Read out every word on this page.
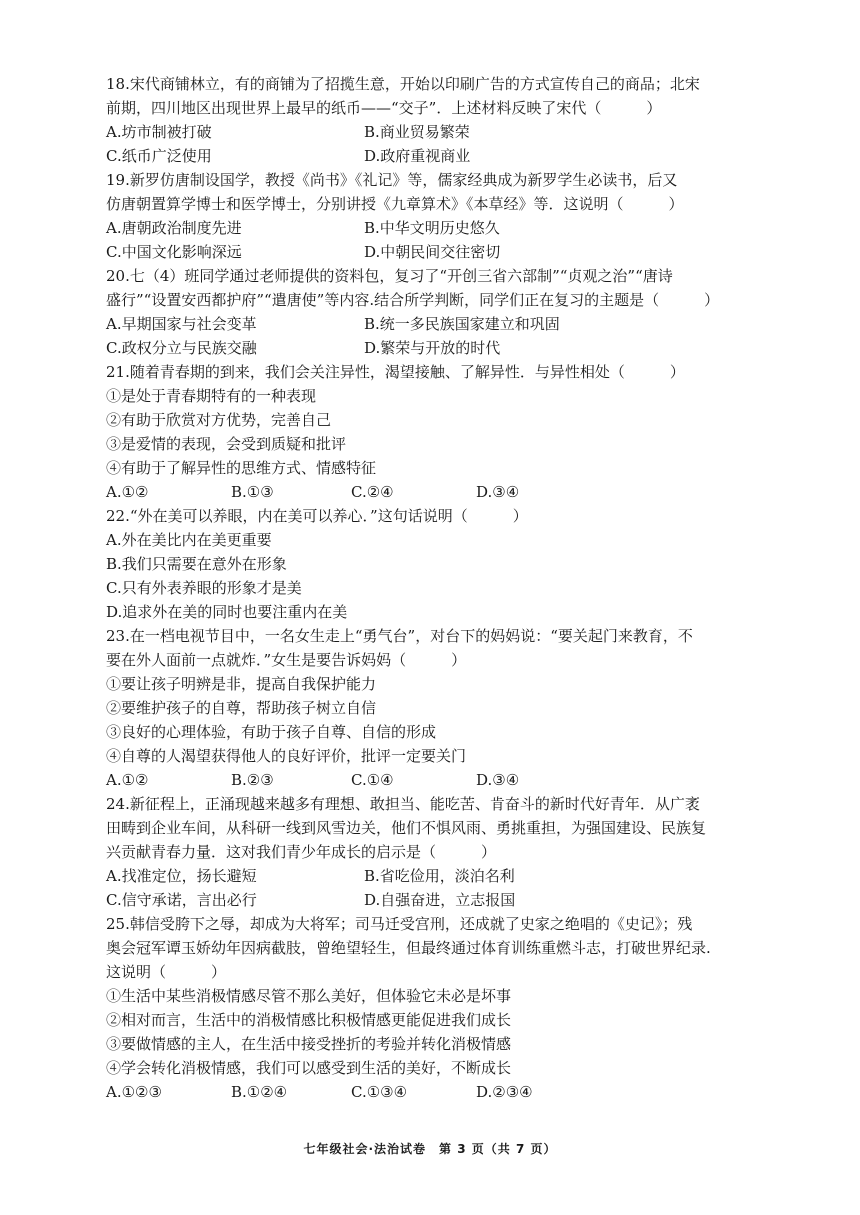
18.宋代商铺林立，有的商铺为了招揽生意，开始以印刷广告的方式宣传自己的商品；北宋
前期，四川地区出现世界上最早的纸币——“交子”．上述材料反映了宋代（　　　）
A.坊市制被打破	B.商业贸易繁荣
C.纸币广泛使用	D.政府重视商业
19.新罗仿唐制设国学，教授《尚书》《礼记》等，儒家经典成为新罗学生必读书，后又
仿唐朝置算学博士和医学博士，分别讲授《九章算术》《本草经》等．这说明（　　　）
A.唐朝政治制度先进	B.中华文明历史悠久
C.中国文化影响深远	D.中朝民间交往密切
20.七（4）班同学通过老师提供的资料包，复习了“开创三省六部制”“贞观之治”“唐诗
盛行”“设置安西都护府”“遣唐使”等内容.结合所学判断，同学们正在复习的主题是（　　　）
A.早期国家与社会变革	B.统一多民族国家建立和巩固
C.政权分立与民族交融	D.繁荣与开放的时代
21.随着青春期的到来，我们会关注异性，渴望接触、了解异性．与异性相处（　　　）
①是处于青春期特有的一种表现
②有助于欣赏对方优势，完善自己
③是爱情的表现，会受到质疑和批评
④有助于了解异性的思维方式、情感特征
A.①②	B.①③	C.②④	D.③④
22.“外在美可以养眼，内在美可以养心．”这句话说明（　　　）
A.外在美比内在美更重要
B.我们只需要在意外在形象
C.只有外表养眼的形象才是美
D.追求外在美的同时也要注重内在美
23.在一档电视节目中，一名女生走上“勇气台”，对台下的妈妈说：“要关起门来教育，不
要在外人面前一点就炸．”女生是要告诉妈妈（　　　）
①要让孩子明辨是非，提高自我保护能力
②要维护孩子的自尊，帮助孩子树立自信
③良好的心理体验，有助于孩子自尊、自信的形成
④自尊的人渴望获得他人的良好评价，批评一定要关门
A.①②	B.②③	C.①④	D.③④
24.新征程上，正涌现越来越多有理想、敢担当、能吃苦、肯奋斗的新时代好青年．从广袤
田畴到企业车间，从科研一线到风雪边关，他们不惧风雨、勇挑重担，为强国建设、民族复
兴贡献青春力量．这对我们青少年成长的启示是（　　　）
A.找准定位，扬长避短	B.省吃俭用，淡泊名利
C.信守承诺，言出必行	D.自强奋进，立志报国
25.韩信受胯下之辱，却成为大将军；司马迁受宫刑，还成就了史家之绝唱的《史记》；残
奥会冠军谭玉娇幼年因病截肢，曾绝望轻生，但最终通过体育训练重燃斗志，打破世界纪录.
这说明（　　　）
①生活中某些消极情感尽管不那么美好，但体验它未必是坏事
②相对而言，生活中的消极情感比积极情感更能促进我们成长
③要做情感的主人，在生活中接受挫折的考验并转化消极情感
④学会转化消极情感，我们可以感受到生活的美好，不断成长
A.①②③	B.①②④	C.①③④	D.②③④
七年级社会·法治试卷　第 3 页（共 7 页）
